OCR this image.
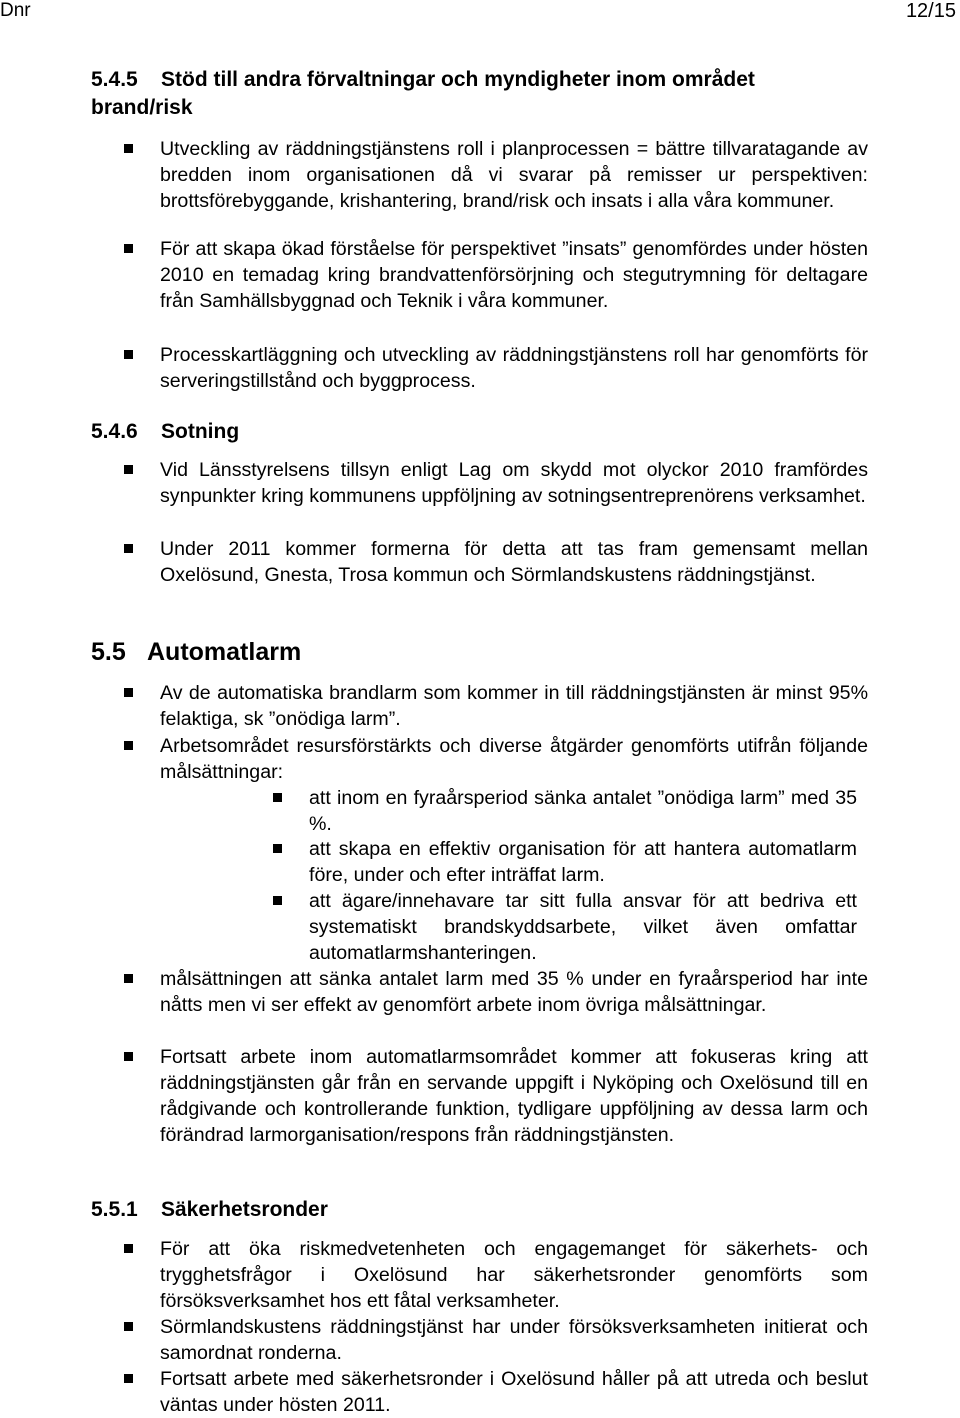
Dnr	12/15
5.4.5 Stöd till andra förvaltningar och myndigheter inom området
brand/risk
Utveckling av räddningstjänstens roll i planprocessen = bättre tillvaratagande av bredden inom organisationen då vi svarar på remisser ur perspektiven: brottsförebyggande, krishantering, brand/risk och insats i alla våra kommuner.
För att skapa ökad förståelse för perspektivet ”insats” genomfördes under hösten 2010 en temadag kring brandvattenförsörjning och stegutrymning för deltagare från Samhällsbyggnad och Teknik i våra kommuner.
Processkartläggning och utveckling av räddningstjänstens roll har genomförts för serveringstillstånd och byggprocess.
5.4.6 Sotning
Vid Länsstyrelsens tillsyn enligt Lag om skydd mot olyckor 2010 framfördes synpunkter kring kommunens uppföljning av sotningsentreprenörens verksamhet.
Under 2011 kommer formerna för detta att tas fram gemensamt mellan Oxelösund, Gnesta, Trosa kommun och Sörmlandskustens räddningstjänst.
5.5 Automatlarm
Av de automatiska brandlarm som kommer in till räddningstjänsten är minst 95% felaktiga, sk ”onödiga larm”.
Arbetsområdet resursförstärkts och diverse åtgärder genomförts utifrån följande målsättningar:
att inom en fyraårsperiod sänka antalet ”onödiga larm” med 35 %.
att skapa en effektiv organisation för att hantera automatlarm före, under och efter inträffat larm.
att ägare/innehavare tar sitt fulla ansvar för att bedriva ett systematiskt brandskyddsarbete, vilket även omfattar automatlarmshanteringen.
målsättningen att sänka antalet larm med 35 % under en fyraårsperiod har inte nåtts men vi ser effekt av genomfört arbete inom övriga målsättningar.
Fortsatt arbete inom automatlarmsområdet kommer att fokuseras kring att räddningstjänsten går från en servande uppgift i Nyköping och Oxelösund till en rådgivande och kontrollerande funktion, tydligare uppföljning av dessa larm och förändrad larmorganisation/respons från räddningstjänsten.
5.5.1 Säkerhetsronder
För att öka riskmedvetenheten och engagemanget för säkerhets- och trygghetsfrågor i Oxelösund har säkerhetsronder genomförts som försöksverksamhet hos ett fåtal verksamheter.
Sörmlandskustens räddningstjänst har under försöksverksamheten initierat och samordnat ronderna.
Fortsatt arbete med säkerhetsronder i Oxelösund håller på att utreda och beslut väntas under hösten 2011.
